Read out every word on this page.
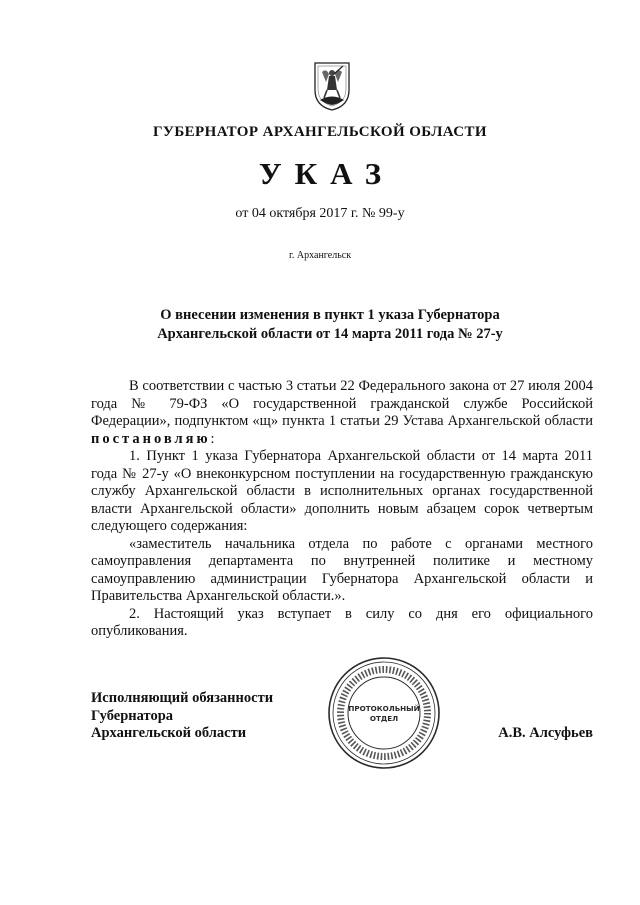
ГУБЕРНАТОР АРХАНГЕЛЬСКОЙ ОБЛАСТИ
УКАЗ
от 04 октября 2017 г. № 99-у
г. Архангельск
О внесении изменения в пункт 1 указа Губернатора
Архангельской области от 14 марта 2011 года № 27-у

В соответствии с частью 3 статьи 22 Федерального закона от 27 июля 2004 года № 79-ФЗ «О государственной гражданской службе Российской Федерации», подпунктом «щ» пункта 1 статьи 29 Устава Архангельской области постановляю:

1. Пункт 1 указа Губернатора Архангельской области от 14 марта 2011 года № 27-у «О внеконкурсном поступлении на государственную гражданскую службу Архангельской области в исполнительных органах государственной власти Архангельской области» дополнить новым абзацем сорок четвертым следующего содержания:

«заместитель начальника отдела по работе с органами местного самоуправления департамента по внутренней политике и местному самоуправлению администрации Губернатора Архангельской области и Правительства Архангельской области.».

2. Настоящий указ вступает в силу со дня его официального опубликования.

Исполняющий обязанности
Губернатора
Архангельской области	А.В. Алсуфьев
ПРОТОКОЛЬНЫЙ
ОТДЕЛ
